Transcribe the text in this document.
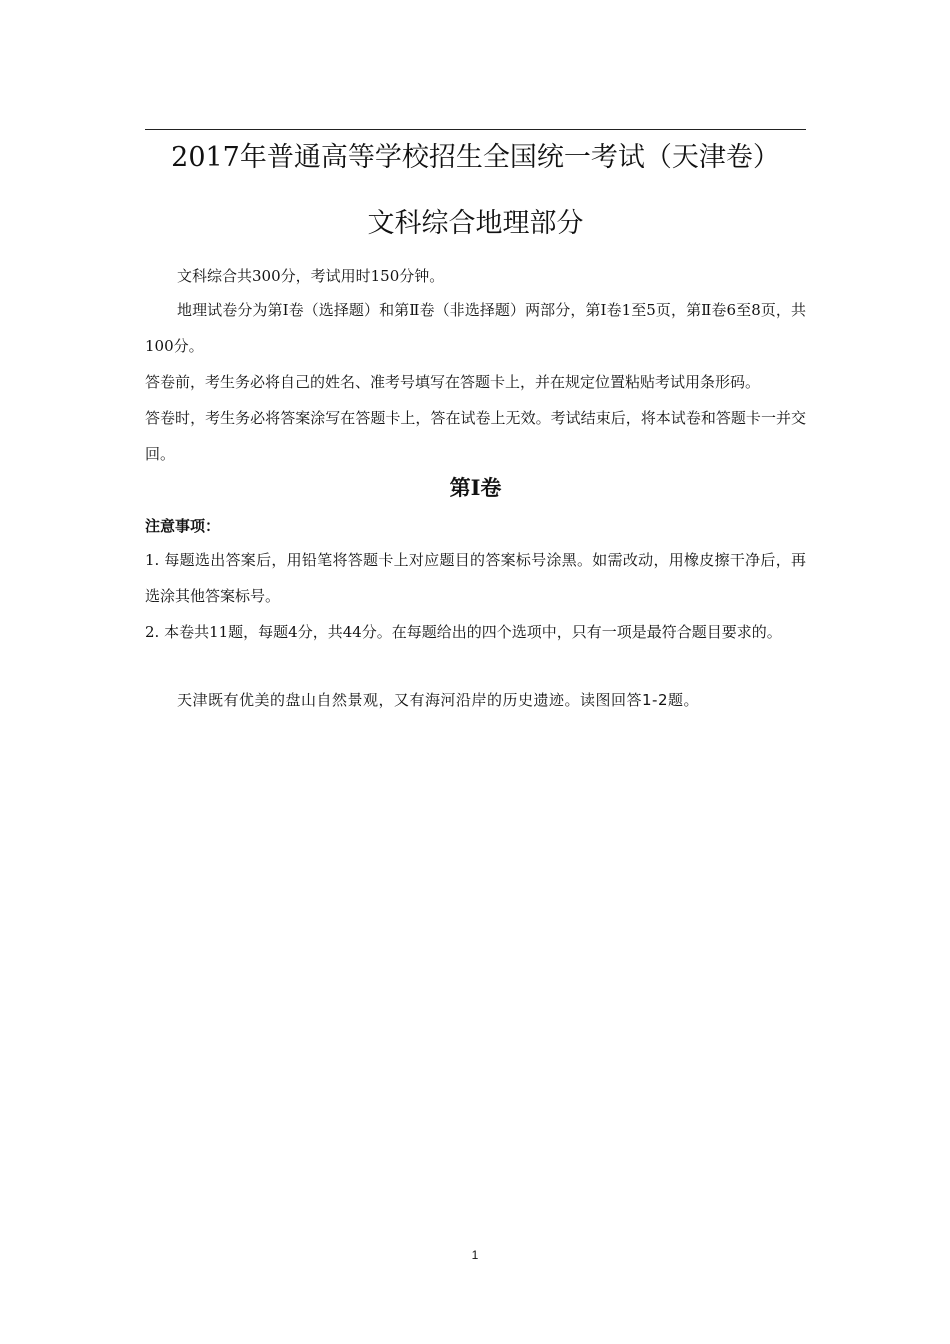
2017年普通高等学校招生全国统一考试（天津卷）
文科综合地理部分
文科综合共300分，考试用时150分钟。
地理试卷分为第Ⅰ卷（选择题）和第Ⅱ卷（非选择题）两部分，第Ⅰ卷1至5页，第Ⅱ卷6至8页，共100分。
答卷前，考生务必将自己的姓名、准考号填写在答题卡上，并在规定位置粘贴考试用条形码。
答卷时，考生务必将答案涂写在答题卡上，答在试卷上无效。考试结束后，将本试卷和答题卡一并交回。
第Ⅰ卷
注意事项：
1. 每题选出答案后，用铅笔将答题卡上对应题目的答案标号涂黑。如需改动，用橡皮擦干净后，再选涂其他答案标号。
2. 本卷共11题，每题4分，共44分。在每题给出的四个选项中，只有一项是最符合题目要求的。
天津既有优美的盘山自然景观，又有海河沿岸的历史遗迹。读图回答1-2题。
1
